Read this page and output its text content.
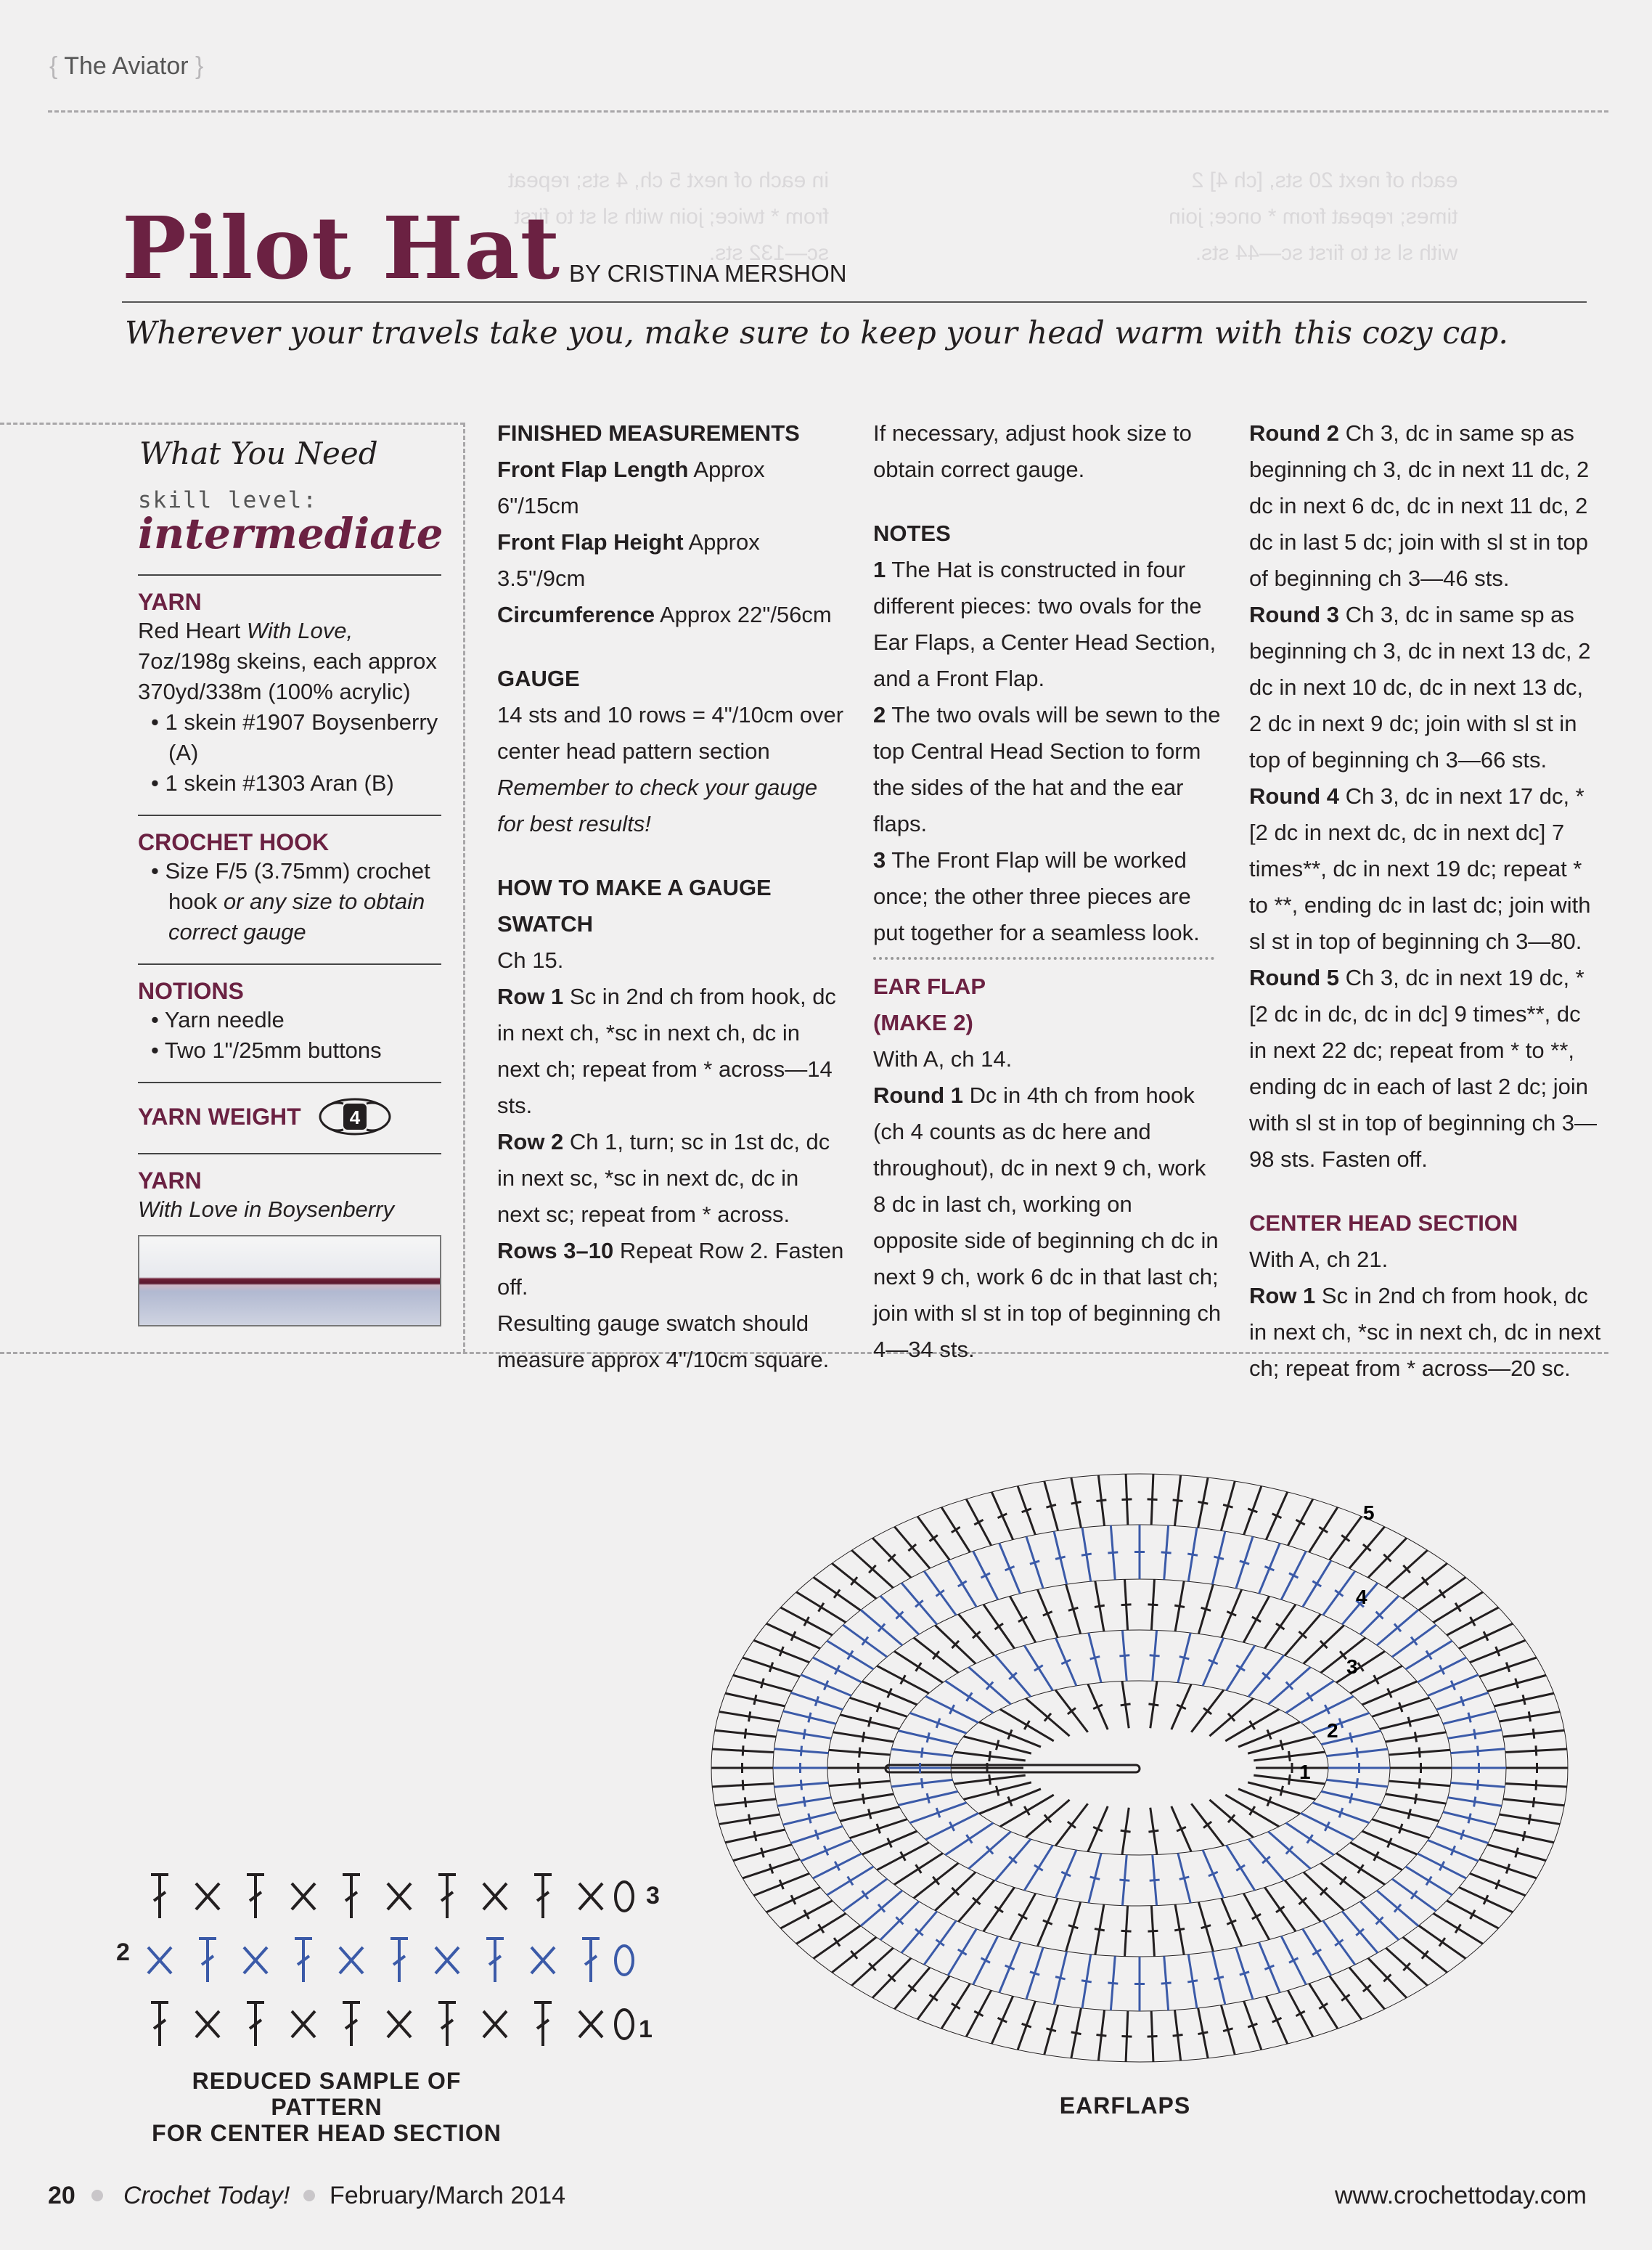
each of next 20 sts, [ch 4] 2
times; repeat from * once; join
with sl st to first sc—44 sts.
in each of next 5 ch, 4 sts; repeat
from * twice; join with sl st to first
sc—132 sts.
{ The Aviator }
Pilot Hat BY CRISTINA MERSHON
Wherever your travels take you, make sure to keep your head warm with this cozy cap.
What You Need
skill level:
intermediate
YARN
Red Heart With Love,
7oz/198g skeins, each approx 370yd/338m (100% acrylic)
• 1 skein #1907 Boysenberry (A)
• 1 skein #1303 Aran (B)
CROCHET HOOK
• Size F/5 (3.75mm) crochet hook or any size to obtain correct gauge
NOTIONS
• Yarn needle
• Two 1"/25mm buttons
YARN WEIGHT	4
YARN
With Love in Boysenberry
FINISHED MEASUREMENTS
Front Flap Length Approx 6"/15cm
Front Flap Height Approx 3.5"/9cm
Circumference Approx 22"/56cm
GAUGE
14 sts and 10 rows = 4"/10cm over center head pattern section
Remember to check your gauge for best results!
HOW TO MAKE A GAUGE SWATCH
Ch 15.
Row 1 Sc in 2nd ch from hook, dc in next ch, *sc in next ch, dc in next ch; repeat from * across—14 sts.
Row 2 Ch 1, turn; sc in 1st dc, dc in next sc, *sc in next dc, dc in next sc; repeat from * across.
Rows 3–10 Repeat Row 2. Fasten off.
Resulting gauge swatch should measure approx 4"/10cm square.
If necessary, adjust hook size to obtain correct gauge.
NOTES
1 The Hat is constructed in four different pieces: two ovals for the Ear Flaps, a Center Head Section, and a Front Flap.
2 The two ovals will be sewn to the top Central Head Section to form the sides of the hat and the ear flaps.
3 The Front Flap will be worked once; the other three pieces are put together for a seamless look.
EAR FLAP
(MAKE 2)
With A, ch 14.
Round 1 Dc in 4th ch from hook (ch 4 counts as dc here and throughout), dc in next 9 ch, work 8 dc in last ch, working on opposite side of beginning ch dc in next 9 ch, work 6 dc in that last ch; join with sl st in top of beginning ch 4—34 sts.
Round 2 Ch 3, dc in same sp as beginning ch 3, dc in next 11 dc, 2 dc in next 6 dc, dc in next 11 dc, 2 dc in last 5 dc; join with sl st in top of beginning ch 3—46 sts.
Round 3 Ch 3, dc in same sp as beginning ch 3, dc in next 13 dc, 2 dc in next 10 dc, dc in next 13 dc, 2 dc in next 9 dc; join with sl st in top of beginning ch 3—66 sts.
Round 4 Ch 3, dc in next 17 dc, *[2 dc in next dc, dc in next dc] 7 times**, dc in next 19 dc; repeat * to **, ending dc in last dc; join with sl st in top of beginning ch 3—80.
Round 5 Ch 3, dc in next 19 dc, *[2 dc in dc, dc in dc] 9 times**, dc in next 22 dc; repeat from * to **, ending dc in each of last 2 dc; join with sl st in top of beginning ch 3—98 sts. Fasten off.
CENTER HEAD SECTION
With A, ch 21.
Row 1 Sc in 2nd ch from hook, dc in next ch, *sc in next ch, dc in next ch; repeat from * across—20 sc.
3
2
1
REDUCED SAMPLE OF PATTERN
FOR CENTER HEAD SECTION
5
4
3
2
1
EARFLAPS
20 Crochet Today! February/March 2014	www.crochettoday.com
